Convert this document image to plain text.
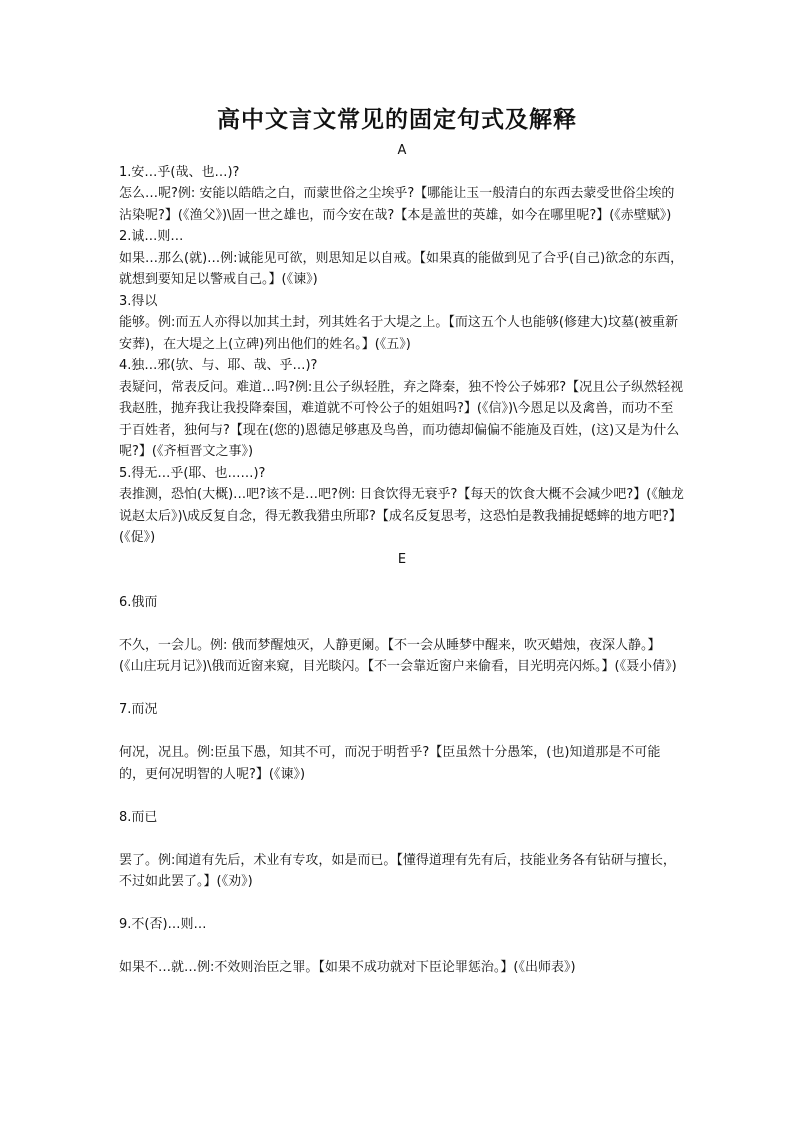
高中文言文常见的固定句式及解释

A

1.安…乎(哉、也…)?

怎么…呢?例: 安能以皓皓之白，而蒙世俗之尘埃乎?【哪能让玉一般清白的东西去蒙受世俗尘埃的沾染呢?】(《渔父》)\固一世之雄也，而今安在哉?【本是盖世的英雄，如今在哪里呢?】(《赤壁赋》)

2.诚…则…

如果…那么(就)…例:诚能见可欲，则思知足以自戒。【如果真的能做到见了合乎(自己)欲念的东西，就想到要知足以警戒自己。】(《谏》)

3.得以

能够。例:而五人亦得以加其土封，列其姓名于大堤之上。【而这五个人也能够(修建大)坟墓(被重新安葬)，在大堤之上(立碑)列出他们的姓名。】(《五》)

4.独…邪(欤、与、耶、哉、乎…)?

表疑问，常表反问。难道…吗?例:且公子纵轻胜，弃之降秦，独不怜公子姊邪?【况且公子纵然轻视我赵胜，抛弃我让我投降秦国，难道就不可怜公子的姐姐吗?】(《信》)\今恩足以及禽兽，而功不至于百姓者，独何与?【现在(您的)恩德足够惠及鸟兽，而功德却偏偏不能施及百姓，(这)又是为什么呢?】(《齐桓晋文之事》)

5.得无…乎(耶、也……)?

表推测，恐怕(大概)…吧?该不是…吧?例: 日食饮得无衰乎?【每天的饮食大概不会减少吧?】(《触龙说赵太后》)\成反复自念，得无教我猎虫所耶?【成名反复思考，这恐怕是教我捕捉蟋蟀的地方吧?】(《促》)

E

6.俄而

不久，一会儿。例: 俄而梦醒烛灭，人静更阑。【不一会从睡梦中醒来，吹灭蜡烛，夜深人静。】(《山庄玩月记》)\俄而近窗来窥，目光睒闪。【不一会靠近窗户来偷看，目光明亮闪烁。】(《聂小倩》)

7.而况

何况，况且。例:臣虽下愚，知其不可，而况于明哲乎?【臣虽然十分愚笨，(也)知道那是不可能的，更何况明智的人呢?】(《谏》)

8.而已

罢了。例:闻道有先后，术业有专攻，如是而已。【懂得道理有先有后，技能业务各有钻研与擅长，不过如此罢了。】(《劝》)

9.不(否)…则…

如果不…就…例:不效则治臣之罪。【如果不成功就对下臣论罪惩治。】(《出师表》)
